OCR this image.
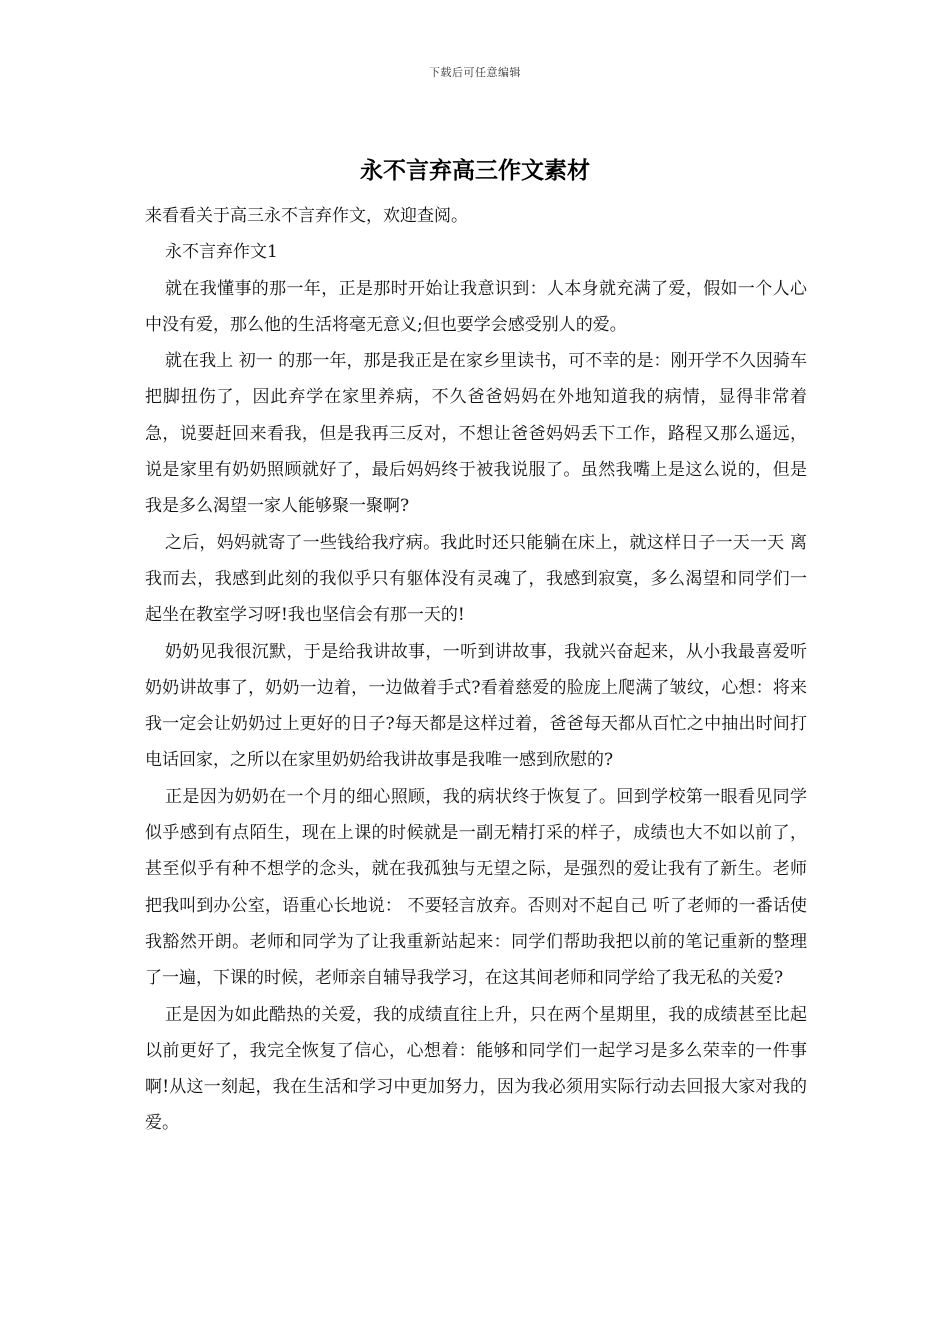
下载后可任意编辑
永不言弃高三作文素材

来看看关于高三永不言弃作文，欢迎查阅。

永不言弃作文1

就在我懂事的那一年，正是那时开始让我意识到：人本身就充满了爱，假如一个人心中没有爱，那么他的生活将毫无意义;但也要学会感受别人的爱。

就在我上 初一 的那一年，那是我正是在家乡里读书，可不幸的是：刚开学不久因骑车把脚扭伤了，因此弃学在家里养病，不久爸爸妈妈在外地知道我的病情，显得非常着急，说要赶回来看我，但是我再三反对，不想让爸爸妈妈丢下工作，路程又那么遥远，说是家里有奶奶照顾就好了，最后妈妈终于被我说服了。虽然我嘴上是这么说的，但是我是多么渴望一家人能够聚一聚啊?

之后，妈妈就寄了一些钱给我疗病。我此时还只能躺在床上，就这样日子一天一天 离 我而去，我感到此刻的我似乎只有躯体没有灵魂了，我感到寂寞，多么渴望和同学们一起坐在教室学习呀!我也坚信会有那一天的!

奶奶见我很沉默，于是给我讲故事，一听到讲故事，我就兴奋起来，从小我最喜爱听奶奶讲故事了，奶奶一边着，一边做着手式?看着慈爱的脸庞上爬满了皱纹，心想：将来我一定会让奶奶过上更好的日子?每天都是这样过着，爸爸每天都从百忙之中抽出时间打电话回家，之所以在家里奶奶给我讲故事是我唯一感到欣慰的?

正是因为奶奶在一个月的细心照顾，我的病状终于恢复了。回到学校第一眼看见同学似乎感到有点陌生，现在上课的时候就是一副无精打采的样子，成绩也大不如以前了，甚至似乎有种不想学的念头，就在我孤独与无望之际，是强烈的爱让我有了新生。老师把我叫到办公室，语重心长地说： 不要轻言放弃。否则对不起自己 听了老师的一番话使我豁然开朗。老师和同学为了让我重新站起来：同学们帮助我把以前的笔记重新的整理了一遍，下课的时候，老师亲自辅导我学习，在这其间老师和同学给了我无私的关爱?

正是因为如此酷热的关爱，我的成绩直往上升，只在两个星期里，我的成绩甚至比起以前更好了，我完全恢复了信心，心想着：能够和同学们一起学习是多么荣幸的一件事啊!从这一刻起，我在生活和学习中更加努力，因为我必须用实际行动去回报大家对我的爱。
